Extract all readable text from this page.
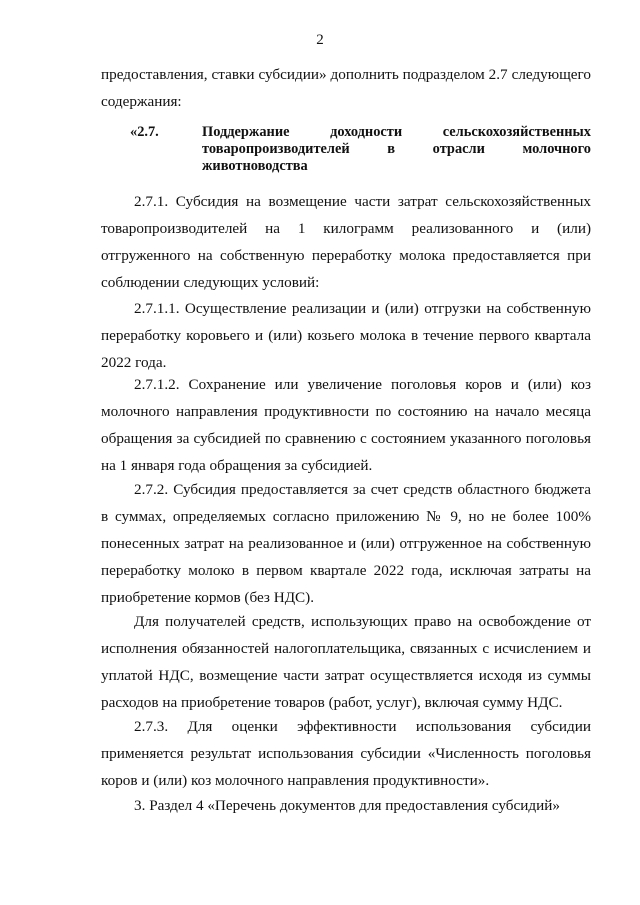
2

предоставления, ставки субсидии» дополнить подразделом 2.7 следующего содержания:

«2.7.	Поддержание доходности сельскохозяйственных
товаропроизводителей в отрасли молочного
животноводства

2.7.1. Субсидия на возмещение части затрат сельскохозяйственных товаропроизводителей на 1 килограмм реализованного и (или) отгруженного на собственную переработку молока предоставляется при соблюдении следующих условий:

2.7.1.1. Осуществление реализации и (или) отгрузки на собственную переработку коровьего и (или) козьего молока в течение первого квартала 2022 года.

2.7.1.2. Сохранение или увеличение поголовья коров и (или) коз молочного направления продуктивности по состоянию на начало месяца обращения за субсидией по сравнению с состоянием указанного поголовья на 1 января года обращения за субсидией.

2.7.2. Субсидия предоставляется за счет средств областного бюджета в суммах, определяемых согласно приложению № 9, но не более 100% понесенных затрат на реализованное и (или) отгруженное на собственную переработку молоко в первом квартале 2022 года, исключая затраты на приобретение кормов (без НДС).

Для получателей средств, использующих право на освобождение от исполнения обязанностей налогоплательщика, связанных с исчислением и уплатой НДС, возмещение части затрат осуществляется исходя из суммы расходов на приобретение товаров (работ, услуг), включая сумму НДС.

2.7.3. Для оценки эффективности использования субсидии применяется результат использования субсидии «Численность поголовья коров и (или) коз молочного направления продуктивности».

3. Раздел 4 «Перечень документов для предоставления субсидий»
